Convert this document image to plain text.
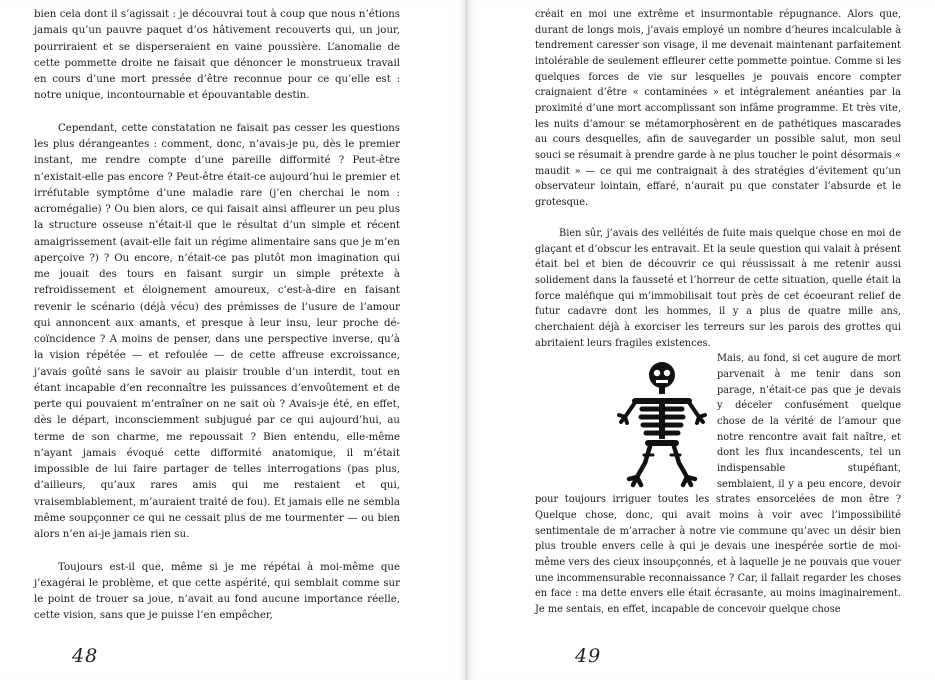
bien cela dont il s’agissait : je découvrai tout à coup que nous n’étions jamais qu’un pauvre paquet d’os hâtivement recouverts qui, un jour, pourriraient et se disperseraient en vaine poussière. L’anomalie de cette pommette droite ne faisait que dénoncer le monstrueux travail en cours d’une mort pressée d’être reconnue pour ce qu’elle est : notre unique, incontournable et épouvantable destin.

Cependant, cette constatation ne faisait pas cesser les questions les plus dérangeantes : comment, donc, n’avais-je pu, dès le premier instant, me rendre compte d’une pareille difformité ? Peut-être n’existait-elle pas encore ? Peut-être était-ce aujourd’hui le premier et irréfutable symptôme d’une maladie rare (j’en cherchai le nom : acromégalie) ? Ou bien alors, ce qui faisait ainsi affleurer un peu plus la structure osseuse n’était-il que le résultat d’un simple et récent amaigrissement (avait-elle fait un régime alimentaire sans que je m’en aperçoive ?) ? Ou encore, n’était-ce pas plutôt mon imagination qui me jouait des tours en faisant surgir un simple prétexte à refroidissement et éloignement amoureux, c’est-à-dire en faisant revenir le scénario (déjà vécu) des prémisses de l’usure de l’amour qui annoncent aux amants, et presque à leur insu, leur proche dé-coïncidence ? A moins de penser, dans une perspective inverse, qu’à la vision répétée — et refoulée — de cette affreuse excroissance, j’avais goûté sans le savoir au plaisir trouble d’un interdit, tout en étant incapable d’en reconnaître les puissances d’envoûtement et de perte qui pouvaient m’entraîner on ne sait où ? Avais-je été, en effet, dès le départ, inconsciemment subjugué par ce qui aujourd’hui, au terme de son charme, me repoussait ? Bien entendu, elle-même n’ayant jamais évoqué cette difformité anatomique, il m’était impossible de lui faire partager de telles interrogations (pas plus, d’ailleurs, qu’aux rares amis qui me restaient et qui, vraisemblablement, m’auraient traité de fou). Et jamais elle ne sembla même soupçonner ce qui ne cessait plus de me tourmenter — ou bien alors n’en ai-je jamais rien su.

Toujours est-il que, même si je me répétai à moi-même que j’exagérai le problème, et que cette aspérité, qui semblait comme sur le point de trouer sa joue, n’avait au fond aucune importance réelle, cette vision, sans que je puisse l’en empêcher,

48

créait en moi une extrême et insurmontable répugnance. Alors que, durant de longs mois, j’avais employé un nombre d’heures incalculable à tendrement caresser son visage, il me devenait maintenant parfaitement intolérable de seulement effleurer cette pommette pointue. Comme si les quelques forces de vie sur lesquelles je pouvais encore compter craignaient d’être « contaminées » et intégralement anéanties par la proximité d’une mort accomplissant son infâme programme. Et très vite, les nuits d’amour se métamorphosèrent en de pathétiques mascarades au cours desquelles, afin de sauvegarder un possible salut, mon seul souci se résumait à prendre garde à ne plus toucher le point désormais « maudit » — ce qui me contraignait à des stratégies d’évitement qu’un observateur lointain, effaré, n’aurait pu que constater l’absurde et le grotesque.

Bien sûr, j’avais des velléités de fuite mais quelque chose en moi de glaçant et d’obscur les entravait. Et la seule question qui valait à présent était bel et bien de découvrir ce qui réussissait à me retenir aussi solidement dans la fausseté et l’horreur de cette situation, quelle était la force maléfique qui m’immobilisait tout près de cet écoeurant relief de futur cadavre dont les hommes, il y a plus de quatre mille ans, cherchaient déjà à exorciser les terreurs sur les parois des grottes qui abritaient leurs fragiles existences.

Mais, au fond, si cet augure de mort parvenait à me tenir dans son parage, n’était-ce pas que je devais y déceler confusément quelque chose de la vérité de l’amour que notre rencontre avait fait naître, et dont les flux incandescents, tel un indispensable stupéfiant, semblaient, il y a peu encore, devoir pour toujours irriguer toutes les strates ensorcelées de mon être ? Quelque chose, donc, qui avait moins à voir avec l’impossibilité sentimentale de m’arracher à notre vie commune qu’avec un désir bien plus trouble envers celle à qui je devais une inespérée sortie de moi-même vers des cieux insoupçonnés, et à laquelle je ne pouvais que vouer une incommensurable reconnaissance ? Car, il fallait regarder les choses en face : ma dette envers elle était écrasante, au moins imaginairement. Je me sentais, en effet, incapable de concevoir quelque chose

49
